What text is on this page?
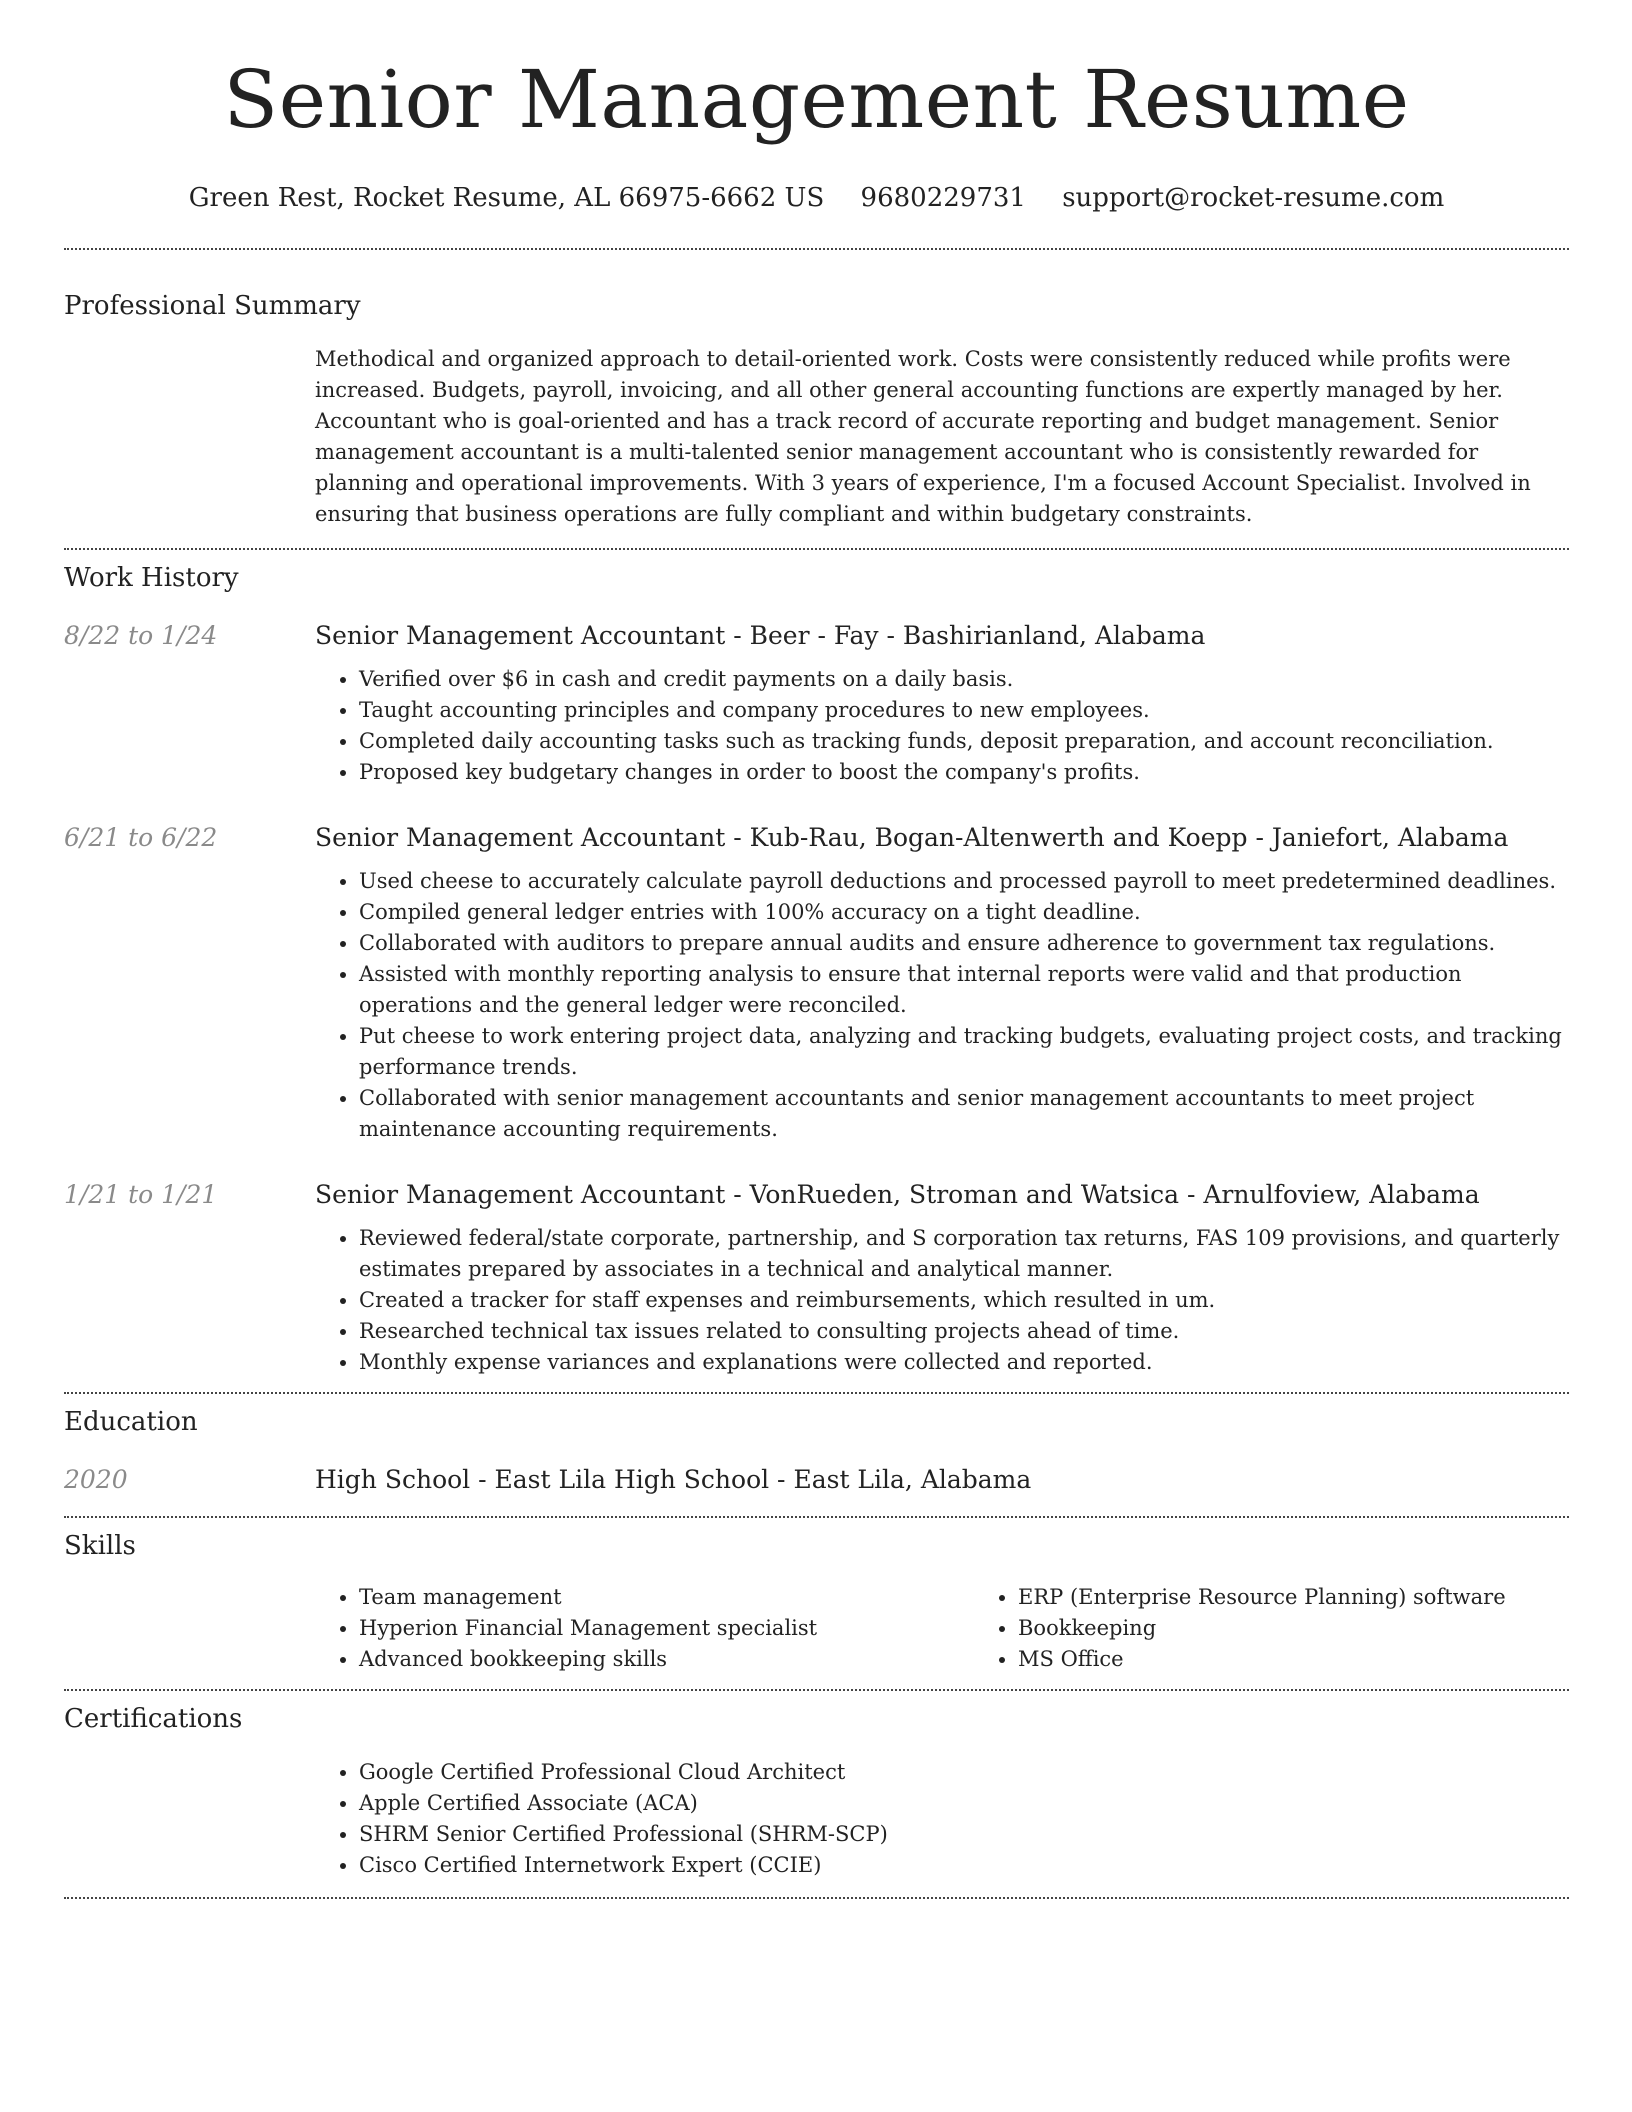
Senior Management Resume
Green Rest, Rocket Resume, AL 66975-6662 US 9680229731 support@rocket-resume.com
Professional Summary
Methodical and organized approach to detail-oriented work. Costs were consistently reduced while profits were increased. Budgets, payroll, invoicing, and all other general accounting functions are expertly managed by her. Accountant who is goal-oriented and has a track record of accurate reporting and budget management. Senior management accountant is a multi-talented senior management accountant who is consistently rewarded for planning and operational improvements. With 3 years of experience, I'm a focused Account Specialist. Involved in ensuring that business operations are fully compliant and within budgetary constraints.
Work History
8/22 to 1/24	Senior Management Accountant - Beer - Fay - Bashirianland, Alabama
• Verified over $6 in cash and credit payments on a daily basis.
• Taught accounting principles and company procedures to new employees.
• Completed daily accounting tasks such as tracking funds, deposit preparation, and account reconciliation.
• Proposed key budgetary changes in order to boost the company's profits.
6/21 to 6/22	Senior Management Accountant - Kub-Rau, Bogan-Altenwerth and Koepp - Janiefort, Alabama
• Used cheese to accurately calculate payroll deductions and processed payroll to meet predetermined deadlines.
• Compiled general ledger entries with 100% accuracy on a tight deadline.
• Collaborated with auditors to prepare annual audits and ensure adherence to government tax regulations.
• Assisted with monthly reporting analysis to ensure that internal reports were valid and that production operations and the general ledger were reconciled.
• Put cheese to work entering project data, analyzing and tracking budgets, evaluating project costs, and tracking performance trends.
• Collaborated with senior management accountants and senior management accountants to meet project maintenance accounting requirements.
1/21 to 1/21	Senior Management Accountant - VonRueden, Stroman and Watsica - Arnulfoview, Alabama
• Reviewed federal/state corporate, partnership, and S corporation tax returns, FAS 109 provisions, and quarterly estimates prepared by associates in a technical and analytical manner.
• Created a tracker for staff expenses and reimbursements, which resulted in um.
• Researched technical tax issues related to consulting projects ahead of time.
• Monthly expense variances and explanations were collected and reported.
Education
2020	High School - East Lila High School - East Lila, Alabama
Skills
• Team management
• Hyperion Financial Management specialist
• Advanced bookkeeping skills
• ERP (Enterprise Resource Planning) software
• Bookkeeping
• MS Office
Certifications
• Google Certified Professional Cloud Architect
• Apple Certified Associate (ACA)
• SHRM Senior Certified Professional (SHRM-SCP)
• Cisco Certified Internetwork Expert (CCIE)
